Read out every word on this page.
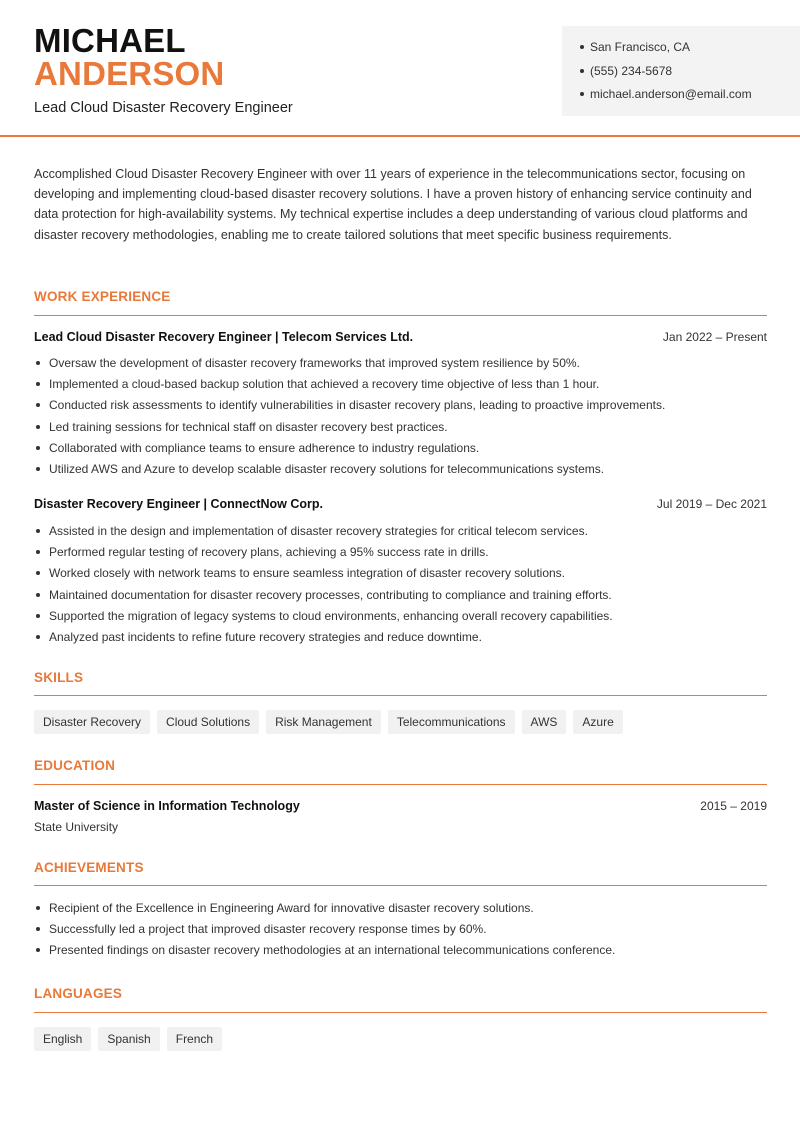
MICHAEL
ANDERSON
Lead Cloud Disaster Recovery Engineer
San Francisco, CA
(555) 234-5678
michael.anderson@email.com

Accomplished Cloud Disaster Recovery Engineer with over 11 years of experience in the telecommunications sector, focusing on developing and implementing cloud-based disaster recovery solutions. I have a proven history of enhancing service continuity and data protection for high-availability systems. My technical expertise includes a deep understanding of various cloud platforms and disaster recovery methodologies, enabling me to create tailored solutions that meet specific business requirements.

WORK EXPERIENCE
Lead Cloud Disaster Recovery Engineer | Telecom Services Ltd.	Jan 2022 – Present
Oversaw the development of disaster recovery frameworks that improved system resilience by 50%.
Implemented a cloud-based backup solution that achieved a recovery time objective of less than 1 hour.
Conducted risk assessments to identify vulnerabilities in disaster recovery plans, leading to proactive improvements.
Led training sessions for technical staff on disaster recovery best practices.
Collaborated with compliance teams to ensure adherence to industry regulations.
Utilized AWS and Azure to develop scalable disaster recovery solutions for telecommunications systems.
Disaster Recovery Engineer | ConnectNow Corp.	Jul 2019 – Dec 2021
Assisted in the design and implementation of disaster recovery strategies for critical telecom services.
Performed regular testing of recovery plans, achieving a 95% success rate in drills.
Worked closely with network teams to ensure seamless integration of disaster recovery solutions.
Maintained documentation for disaster recovery processes, contributing to compliance and training efforts.
Supported the migration of legacy systems to cloud environments, enhancing overall recovery capabilities.
Analyzed past incidents to refine future recovery strategies and reduce downtime.
SKILLS
Disaster Recovery	Cloud Solutions	Risk Management	Telecommunications	AWS	Azure
EDUCATION
Master of Science in Information Technology	2015 – 2019
State University
ACHIEVEMENTS
Recipient of the Excellence in Engineering Award for innovative disaster recovery solutions.
Successfully led a project that improved disaster recovery response times by 60%.
Presented findings on disaster recovery methodologies at an international telecommunications conference.
LANGUAGES
English	Spanish	French
